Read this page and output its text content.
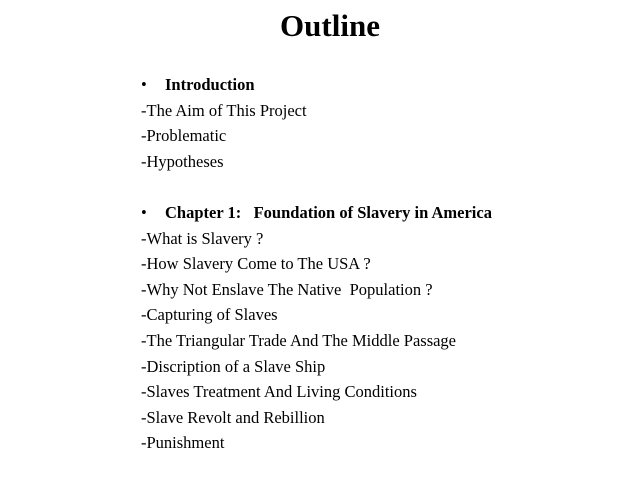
Outline
• Introduction
-The Aim of This Project
-Problematic
-Hypotheses
• Chapter 1:   Foundation of Slavery in America
-What is Slavery ?
-How Slavery Come to The USA ?
-Why Not Enslave The Native  Population ?
-Capturing of Slaves
-The Triangular Trade And The Middle Passage
-Discription of a Slave Ship
-Slaves Treatment And Living Conditions
-Slave Revolt and Rebillion
-Punishment
